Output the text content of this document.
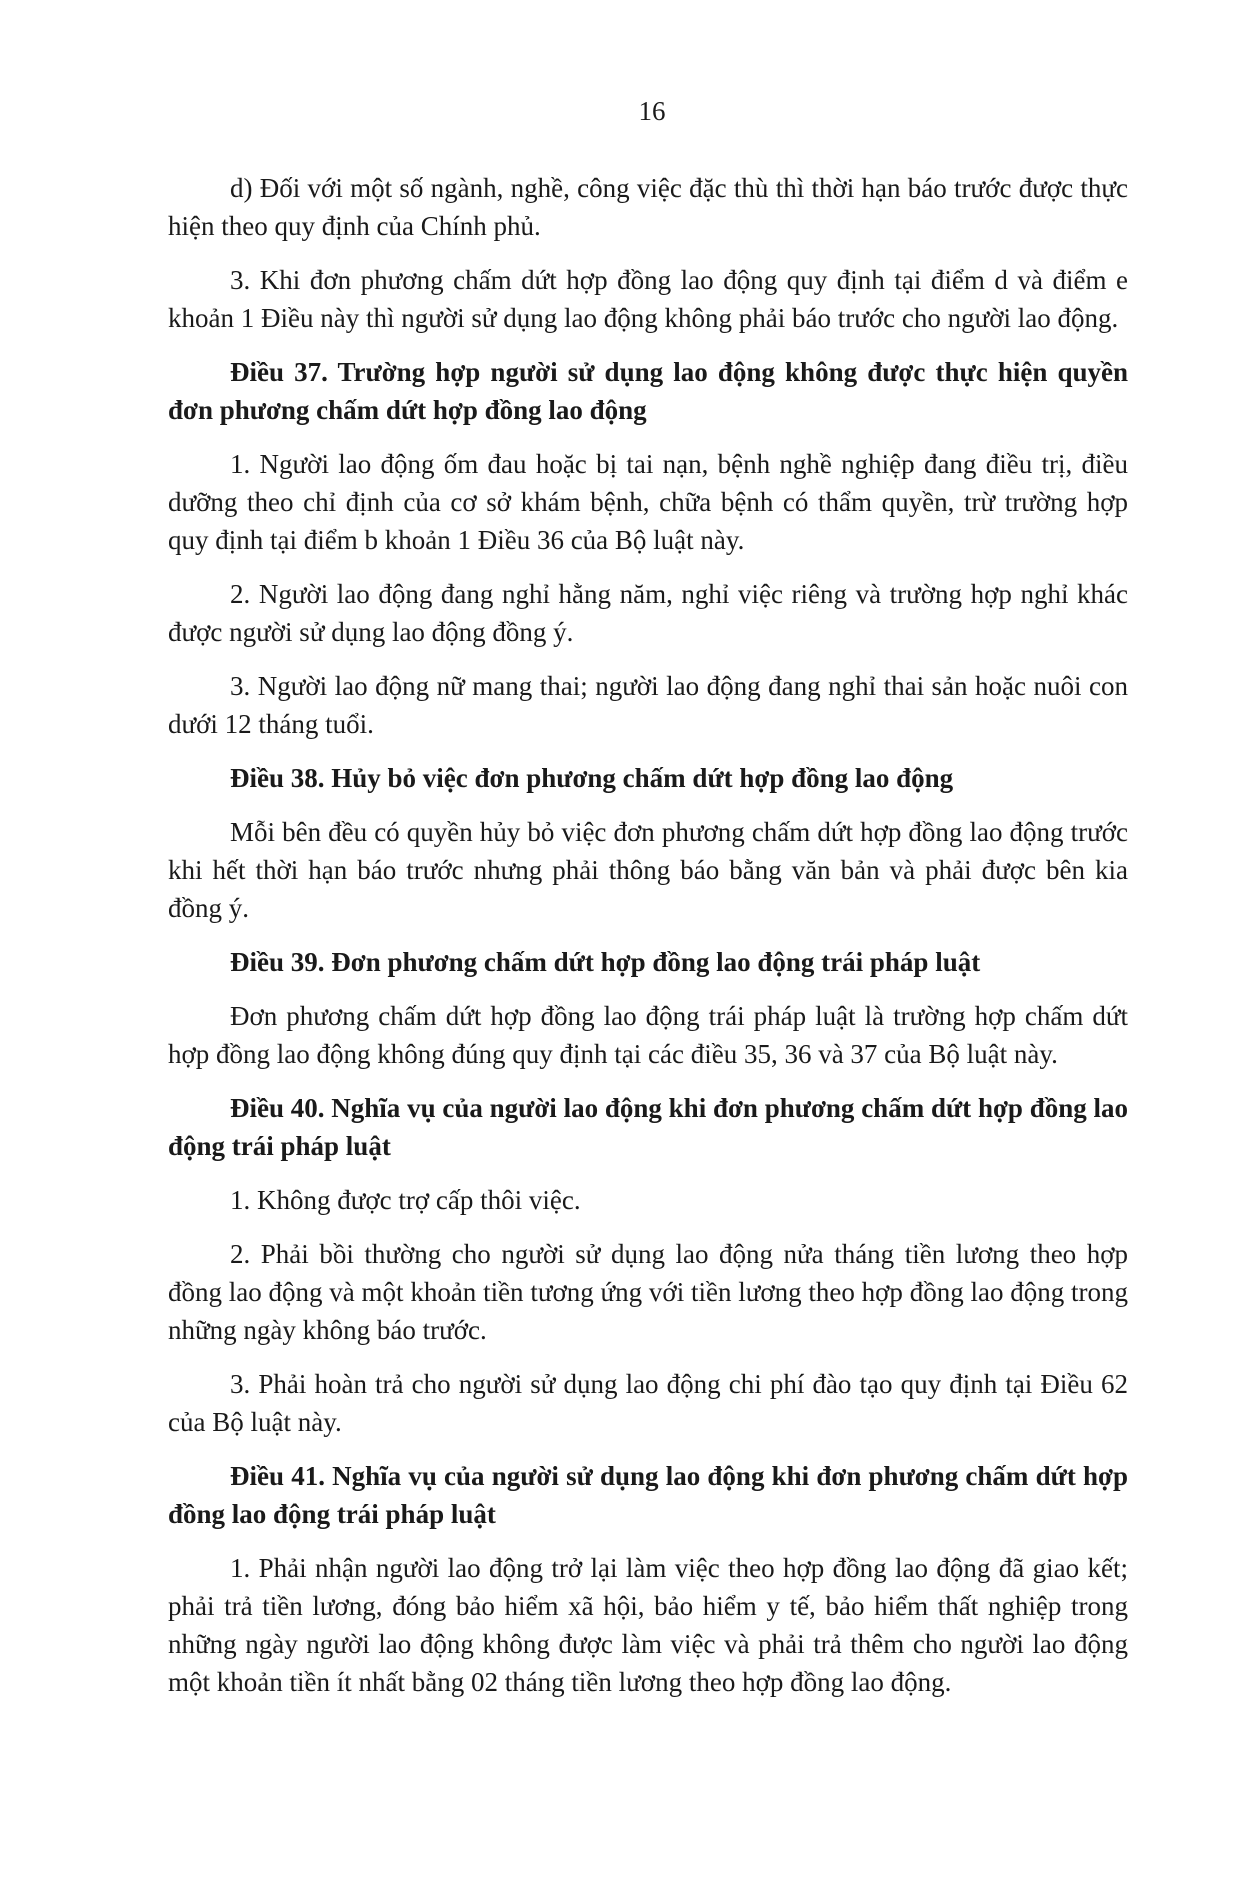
16

d) Đối với một số ngành, nghề, công việc đặc thù thì thời hạn báo trước được thực hiện theo quy định của Chính phủ.

3. Khi đơn phương chấm dứt hợp đồng lao động quy định tại điểm d và điểm e khoản 1 Điều này thì người sử dụng lao động không phải báo trước cho người lao động.

Điều 37. Trường hợp người sử dụng lao động không được thực hiện quyền đơn phương chấm dứt hợp đồng lao động

1. Người lao động ốm đau hoặc bị tai nạn, bệnh nghề nghiệp đang điều trị, điều dưỡng theo chỉ định của cơ sở khám bệnh, chữa bệnh có thẩm quyền, trừ trường hợp quy định tại điểm b khoản 1 Điều 36 của Bộ luật này.

2. Người lao động đang nghỉ hằng năm, nghỉ việc riêng và trường hợp nghỉ khác được người sử dụng lao động đồng ý.

3. Người lao động nữ mang thai; người lao động đang nghỉ thai sản hoặc nuôi con dưới 12 tháng tuổi.

Điều 38. Hủy bỏ việc đơn phương chấm dứt hợp đồng lao động

Mỗi bên đều có quyền hủy bỏ việc đơn phương chấm dứt hợp đồng lao động trước khi hết thời hạn báo trước nhưng phải thông báo bằng văn bản và phải được bên kia đồng ý.

Điều 39. Đơn phương chấm dứt hợp đồng lao động trái pháp luật

Đơn phương chấm dứt hợp đồng lao động trái pháp luật là trường hợp chấm dứt hợp đồng lao động không đúng quy định tại các điều 35, 36 và 37 của Bộ luật này.

Điều 40. Nghĩa vụ của người lao động khi đơn phương chấm dứt hợp đồng lao động trái pháp luật

1. Không được trợ cấp thôi việc.

2. Phải bồi thường cho người sử dụng lao động nửa tháng tiền lương theo hợp đồng lao động và một khoản tiền tương ứng với tiền lương theo hợp đồng lao động trong những ngày không báo trước.

3. Phải hoàn trả cho người sử dụng lao động chi phí đào tạo quy định tại Điều 62 của Bộ luật này.

Điều 41. Nghĩa vụ của người sử dụng lao động khi đơn phương chấm dứt hợp đồng lao động trái pháp luật

1. Phải nhận người lao động trở lại làm việc theo hợp đồng lao động đã giao kết; phải trả tiền lương, đóng bảo hiểm xã hội, bảo hiểm y tế, bảo hiểm thất nghiệp trong những ngày người lao động không được làm việc và phải trả thêm cho người lao động một khoản tiền ít nhất bằng 02 tháng tiền lương theo hợp đồng lao động.
